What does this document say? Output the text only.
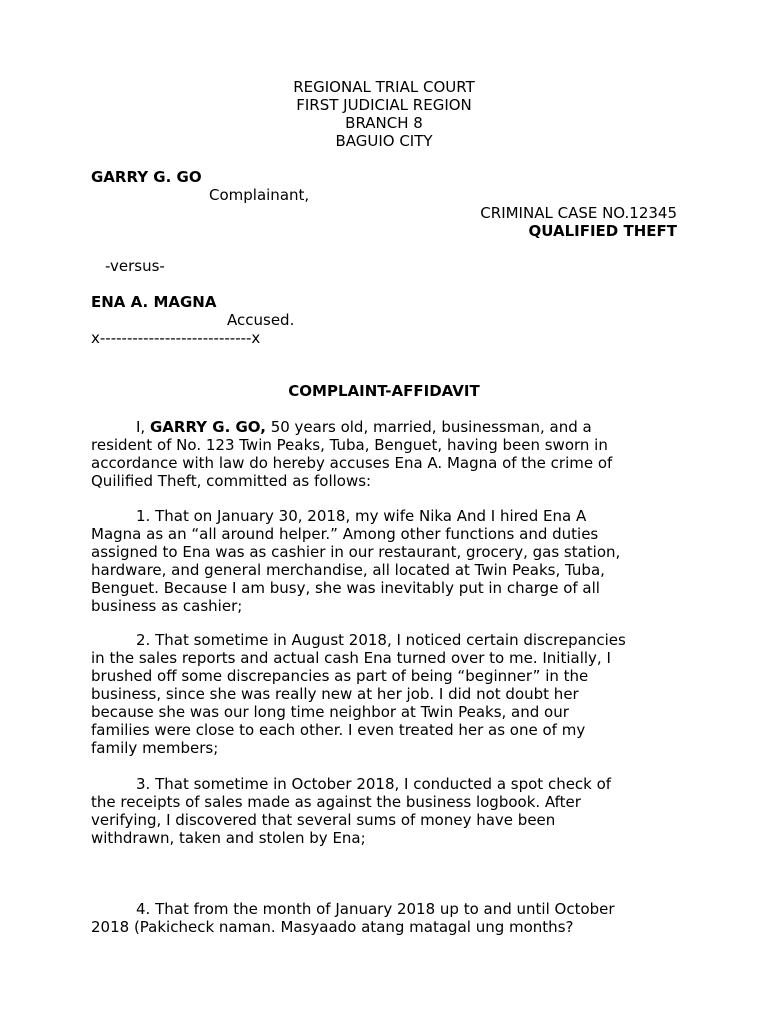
REGIONAL TRIAL COURT
FIRST JUDICIAL REGION
BRANCH 8
BAGUIO CITY
GARRY G. GO
Complainant,
CRIMINAL CASE NO.12345
QUALIFIED THEFT
-versus-
ENA A. MAGNA
Accused.
x----------------------------x
COMPLAINT-AFFIDAVIT
I, GARRY G. GO, 50 years old, married, businessman, and a
resident of No. 123 Twin Peaks, Tuba, Benguet, having been sworn in
accordance with law do hereby accuses Ena A. Magna of the crime of
Quilified Theft, committed as follows:
1. That on January 30, 2018, my wife Nika And I hired Ena A
Magna as an “all around helper.” Among other functions and duties
assigned to Ena was as cashier in our restaurant, grocery, gas station,
hardware, and general merchandise, all located at Twin Peaks, Tuba,
Benguet. Because I am busy, she was inevitably put in charge of all
business as cashier;
2. That sometime in August 2018, I noticed certain discrepancies
in the sales reports and actual cash Ena turned over to me. Initially, I
brushed off some discrepancies as part of being “beginner” in the
business, since she was really new at her job. I did not doubt her
because she was our long time neighbor at Twin Peaks, and our
families were close to each other. I even treated her as one of my
family members;
3. That sometime in October 2018, I conducted a spot check of
the receipts of sales made as against the business logbook. After
verifying, I discovered that several sums of money have been
withdrawn, taken and stolen by Ena;
4. That from the month of January 2018 up to and until October
2018 (Pakicheck naman. Masyaado atang matagal ung months?
